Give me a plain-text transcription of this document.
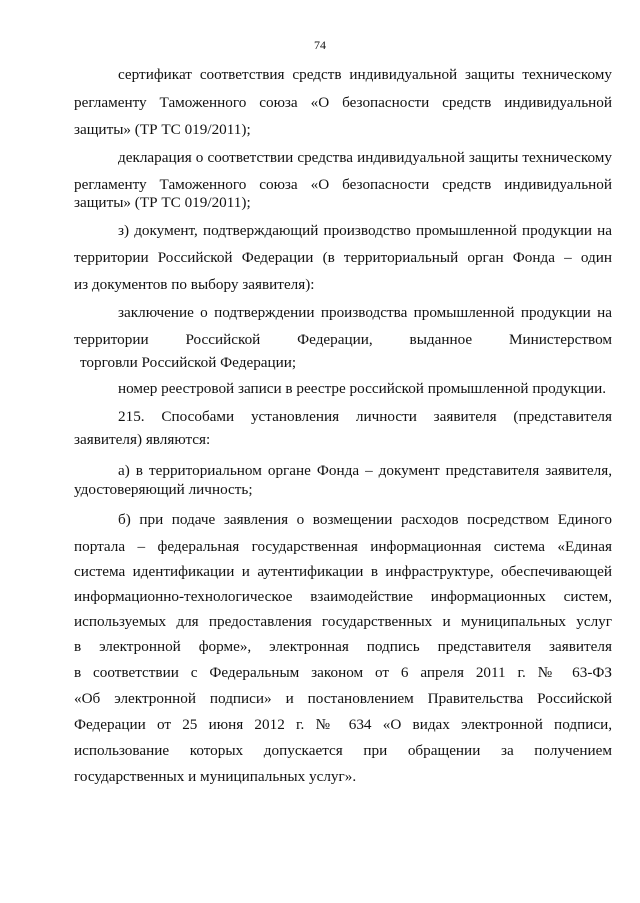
74
сертификат соответствия средств индивидуальной защиты техническому
регламенту Таможенного союза «О безопасности средств индивидуальной
защиты» (ТР ТС 019/2011);
декларация о соответствии средства индивидуальной защиты техническому
регламенту Таможенного союза «О безопасности средств индивидуальной
защиты» (ТР ТС 019/2011);
з) документ, подтверждающий производство промышленной продукции на
территории Российской Федерации (в территориальный орган Фонда – один
из документов по выбору заявителя):
заключение о подтверждении производства промышленной продукции на
территории Российской Федерации, выданное Министерством
торговли Российской Федерации;
номер реестровой записи в реестре российской промышленной продукции.
215. Способами установления личности заявителя (представителя
заявителя) являются:
а) в территориальном органе Фонда – документ представителя заявителя,
удостоверяющий личность;
б) при подаче заявления о возмещении расходов посредством Единого
портала – федеральная государственная информационная система «Единая
система идентификации и аутентификации в инфраструктуре, обеспечивающей
информационно-технологическое взаимодействие информационных систем,
используемых для предоставления государственных и муниципальных услуг
в электронной форме», электронная подпись представителя заявителя
в соответствии с Федеральным законом от 6 апреля 2011 г. № 63-ФЗ
«Об электронной подписи» и постановлением Правительства Российской
Федерации от 25 июня 2012 г. № 634 «О видах электронной подписи,
использование которых допускается при обращении за получением
государственных и муниципальных услуг».
